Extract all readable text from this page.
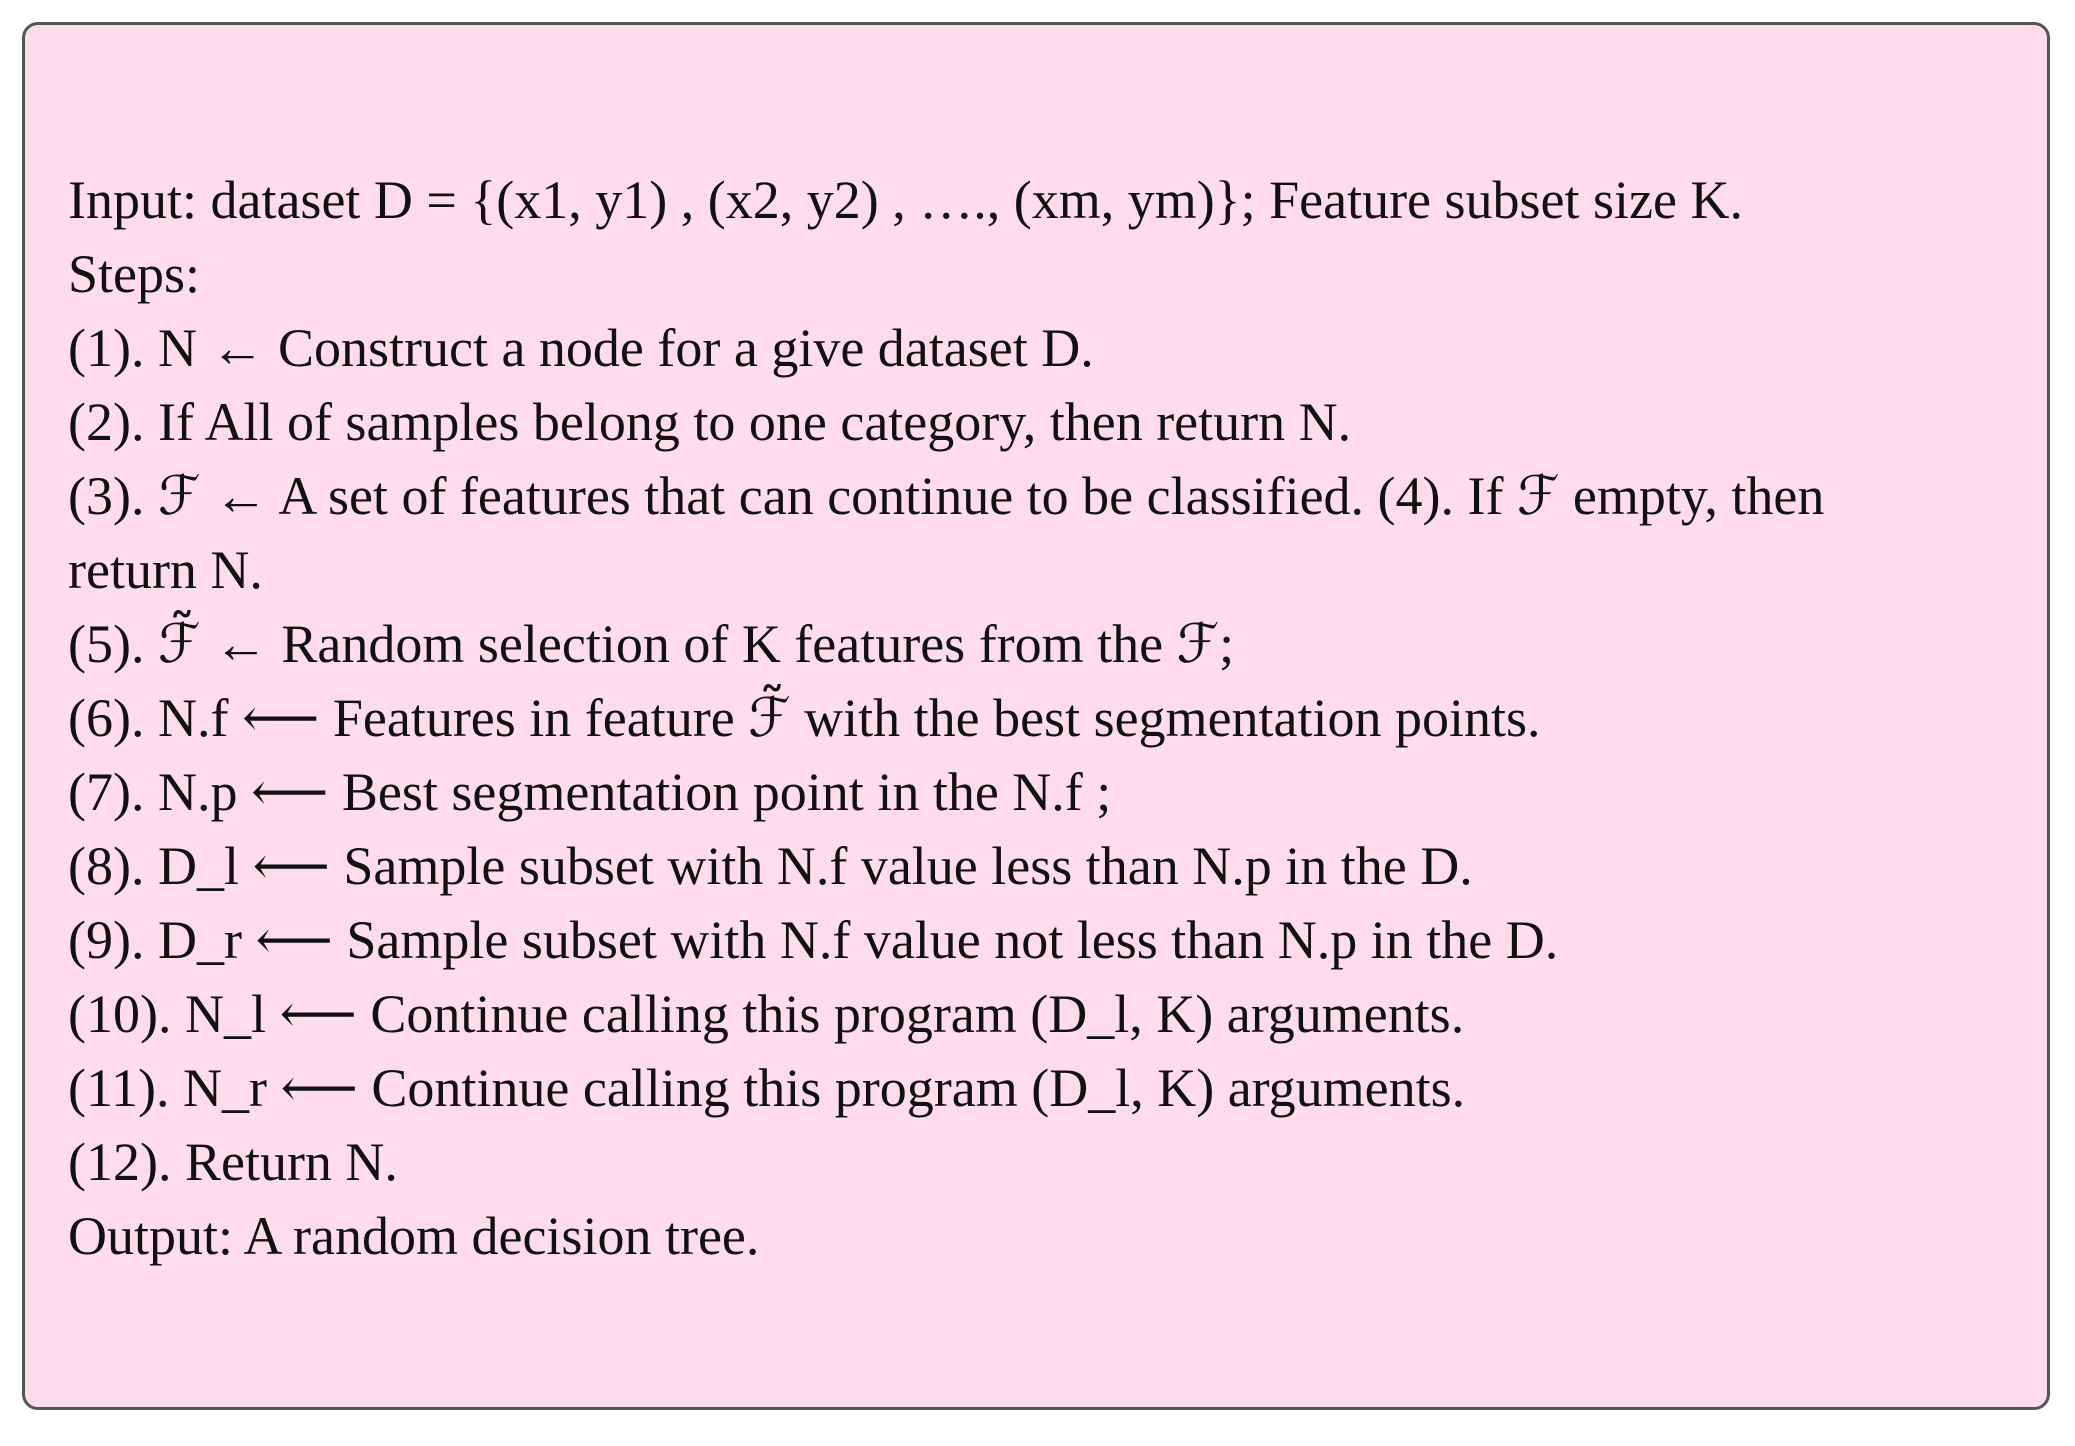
Input: dataset D = {(x1, y1) , (x2, y2) , …., (xm, ym)}; Feature subset size K.
Steps:
(1). N ← Construct a node for a give dataset D.
(2). If All of samples belong to one category, then return N.
(3). ℱ ← A set of features that can continue to be classified. (4). If ℱ empty, then
return N.
(5). ℱ̃ ← Random selection of K features from the ℱ;
(6). N.f ⟵ Features in feature ℱ̃ with the best segmentation points.
(7). N.p ⟵ Best segmentation point in the N.f ;
(8). D_l ⟵ Sample subset with N.f value less than N.p in the D.
(9). D_r ⟵ Sample subset with N.f value not less than N.p in the D.
(10). N_l ⟵ Continue calling this program (D_l, K) arguments.
(11). N_r ⟵ Continue calling this program (D_l, K) arguments.
(12). Return N.
Output: A random decision tree.
